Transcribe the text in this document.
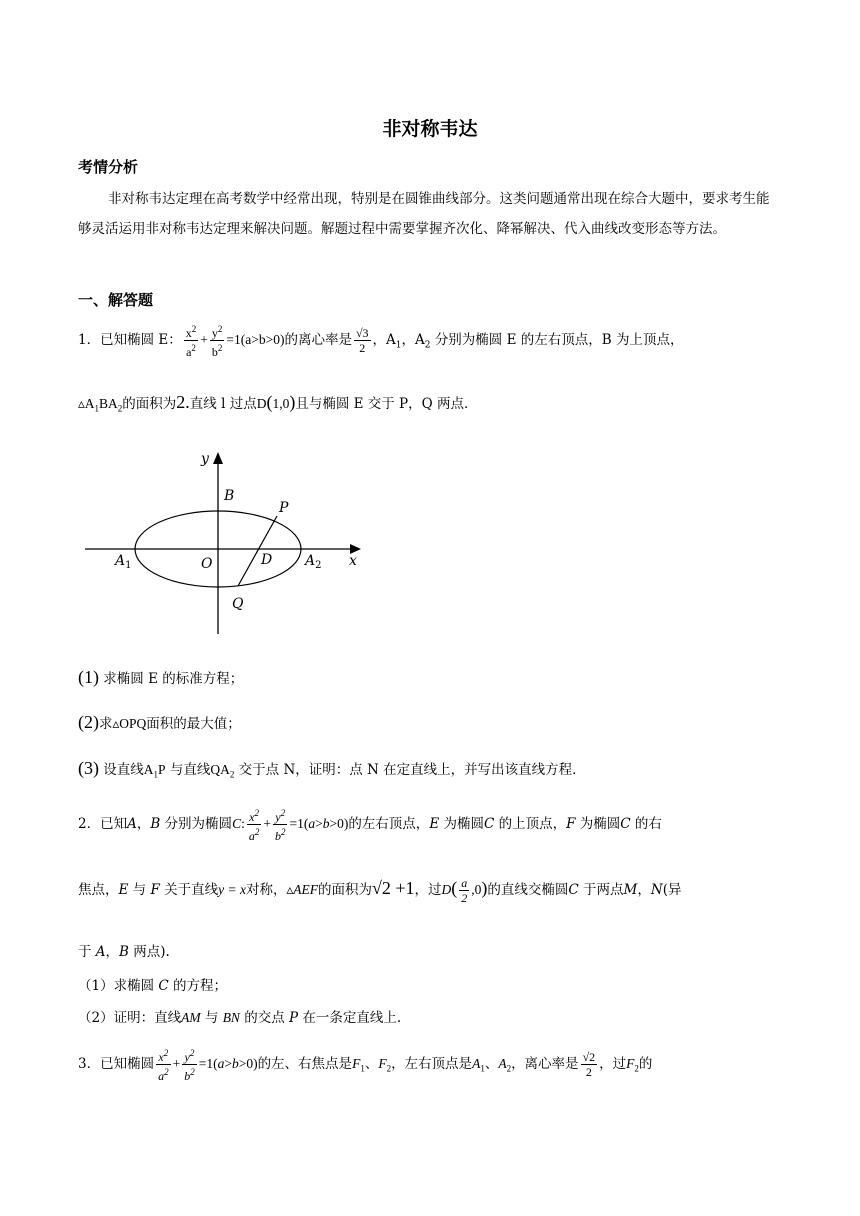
非对称韦达
考情分析
非对称韦达定理在高考数学中经常出现，特别是在圆锥曲线部分。这类问题通常出现在综合大题中，要求考生能够灵活运用非对称韦达定理来解决问题。解题过程中需要掌握齐次化、降幂解决、代入曲线改变形态等方法。
一、解答题
1．已知椭圆 E： $\frac{x^2}{a^2} + \frac{y^2}{b^2} =1(a>b>0)$的离心率是 $\frac{√3}{2}$ ，$A_1$，$A_2$ 分别为椭圆 E 的左右顶点，B 为上顶点，
$▵A_1BA_2$的面积为2.直线 l 过点D(1,0)且与椭圆 E 交于 P，Q 两点．
y
B
P
$A_1$	O	D $A_2$ x
Q
(1) 求椭圆 E 的标准方程；
(2)求▵OPQ面积的最大值；
(3) 设直线$A_1P$ 与直线$QA_2$ 交于点 N，证明：点 N 在定直线上，并写出该直线方程．
2．已知A，B 分别为椭圆C: $\frac{x^2}{a^2} + \frac{y^2}{b^2} =1(a>b>0)$的左右顶点，E 为椭圆C 的上顶点，F 为椭圆C 的右
焦点，E 与 F 关于直线y = x对称，▵AEF的面积为√2 +1，过$D( \frac{a}{2} ,0)$的直线交椭圆C 于两点M，N(异
于 A，B 两点).
（1）求椭圆 C 的方程；
（2）证明：直线AM 与 BN 的交点 P 在一条定直线上.
3．已知椭圆 $\frac{x^2}{a^2} + \frac{y^2}{b^2} =1(a>b>0)$的左、右焦点是$F_1$、$F_2$，左右顶点是$A_1$、$A_2$，离心率是 $\frac{√2}{2}$ ，过$F_2$的
